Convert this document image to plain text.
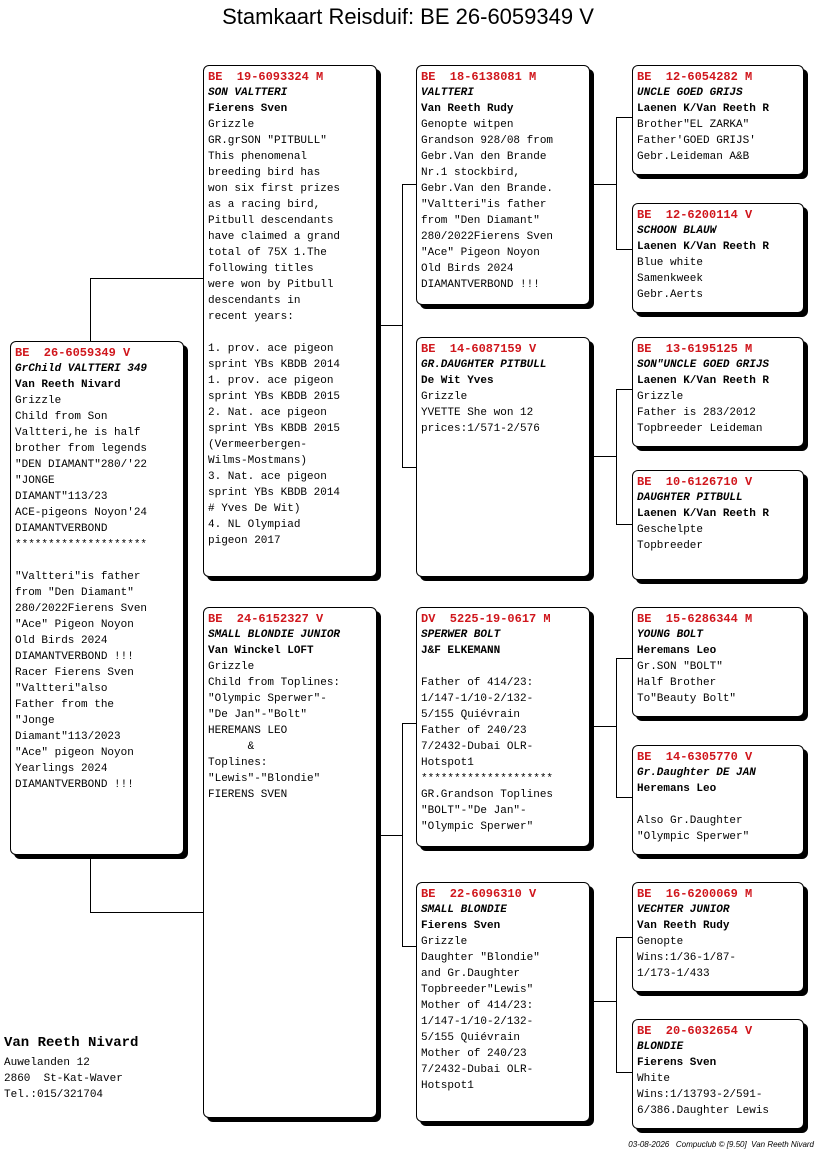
Stamkaart Reisduif: BE 26-6059349 V
BE  26-6059349 V
GrChild VALTTERI 349
Van Reeth Nivard
Grizzle
Child from Son
Valtteri,he is half
brother from legends
"DEN DIAMANT"280/'22
"JONGE
DIAMANT"113/23
ACE-pigeons Noyon'24
DIAMANTVERBOND
********************
"Valtteri"is father
from "Den Diamant"
280/2022Fierens Sven
"Ace" Pigeon Noyon
Old Birds 2024
DIAMANTVERBOND !!!
Racer Fierens Sven
"Valtteri"also
Father from the
"Jonge
Diamant"113/2023
"Ace" pigeon Noyon
Yearlings 2024
DIAMANTVERBOND !!!
BE  19-6093324 M
SON VALTTERI
Fierens Sven
Grizzle
GR.grSON "PITBULL"
This phenomenal
breeding bird has
won six first prizes
as a racing bird,
Pitbull descendants
have claimed a grand
total of 75X 1.The
following titles
were won by Pitbull
descendants in
recent years:
1. prov. ace pigeon
sprint YBs KBDB 2014
1. prov. ace pigeon
sprint YBs KBDB 2015
2. Nat. ace pigeon
sprint YBs KBDB 2015
(Vermeerbergen-
Wilms-Mostmans)
3. Nat. ace pigeon
sprint YBs KBDB 2014
# Yves De Wit)
4. NL Olympiad
pigeon 2017
BE  24-6152327 V
SMALL BLONDIE JUNIOR
Van Winckel LOFT
Grizzle
Child from Toplines:
"Olympic Sperwer"-
"De Jan"-"Bolt"
HEREMANS LEO
&
Toplines:
"Lewis"-"Blondie"
FIERENS SVEN
BE  18-6138081 M
VALTTERI
Van Reeth Rudy
Genopte witpen
Grandson 928/08 from
Gebr.Van den Brande
Nr.1 stockbird,
Gebr.Van den Brande.
"Valtteri"is father
from "Den Diamant"
280/2022Fierens Sven
"Ace" Pigeon Noyon
Old Birds 2024
DIAMANTVERBOND !!!
BE  14-6087159 V
GR.DAUGHTER PITBULL
De Wit Yves
Grizzle
YVETTE She won 12
prices:1/571-2/576
DV  5225-19-0617 M
SPERWER BOLT
J&F ELKEMANN
Father of 414/23:
1/147-1/10-2/132-
5/155 Quiévrain
Father of 240/23
7/2432-Dubai OLR-
Hotspot1
********************
GR.Grandson Toplines
"BOLT"-"De Jan"-
"Olympic Sperwer"
BE  22-6096310 V
SMALL BLONDIE
Fierens Sven
Grizzle
Daughter "Blondie"
and Gr.Daughter
Topbreeder"Lewis"
Mother of 414/23:
1/147-1/10-2/132-
5/155 Quiévrain
Mother of 240/23
7/2432-Dubai OLR-
Hotspot1
BE  12-6054282 M
UNCLE GOED GRIJS
Laenen K/Van Reeth R
Brother"EL ZARKA"
Father'GOED GRIJS'
Gebr.Leideman A&B
BE  12-6200114 V
SCHOON BLAUW
Laenen K/Van Reeth R
Blue white
Samenkweek
Gebr.Aerts
BE  13-6195125 M
SON"UNCLE GOED GRIJS
Laenen K/Van Reeth R
Grizzle
Father is 283/2012
Topbreeder Leideman
BE  10-6126710 V
DAUGHTER PITBULL
Laenen K/Van Reeth R
Geschelpte
Topbreeder
BE  15-6286344 M
YOUNG BOLT
Heremans Leo
Gr.SON "BOLT"
Half Brother
To"Beauty Bolt"
BE  14-6305770 V
Gr.Daughter DE JAN
Heremans Leo
Also Gr.Daughter
"Olympic Sperwer"
BE  16-6200069 M
VECHTER JUNIOR
Van Reeth Rudy
Genopte
Wins:1/36-1/87-
1/173-1/433
BE  20-6032654 V
BLONDIE
Fierens Sven
White
Wins:1/13793-2/591-
6/386.Daughter Lewis
Van Reeth Nivard
Auwelanden 12
2860  St-Kat-Waver
Tel.:015/321704
03-08-2026   Compuclub © [9.50]  Van Reeth Nivard
